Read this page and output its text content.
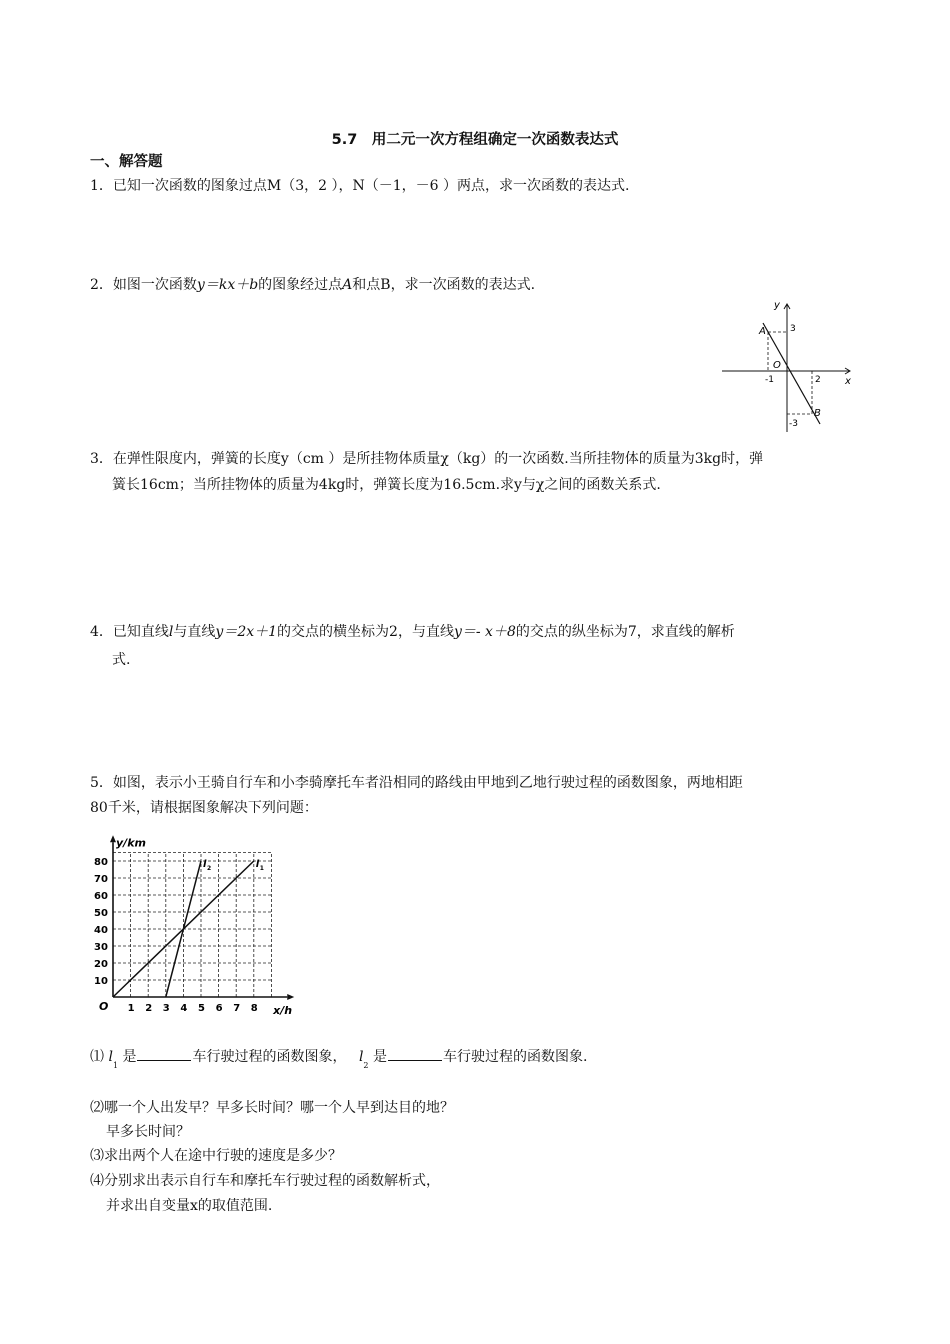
5.7　用二元一次方程组确定一次函数表达式
一、解答题
1．已知一次函数的图象过点M（3，2 ），N（－1，－6 ）两点，求一次函数的表达式.
2．如图一次函数y＝kx＋b的图象经过点A和点B，求一次函数的表达式.
y
x
O
A
B
3
-1	2
-3
3．在弹性限度内，弹簧的长度y（cm ）是所挂物体质量χ（kg）的一次函数.当所挂物体的质量为3kg时，弹
簧长16cm；当所挂物体的质量为4kg时，弹簧长度为16.5cm.求y与χ之间的函数关系式.
4．已知直线l与直线y＝2x＋1的交点的横坐标为2，与直线y＝- x＋8的交点的纵坐标为7，求直线的解析
式.
5．如图，表示小王骑自行车和小李骑摩托车者沿相同的路线由甲地到乙地行驶过程的函数图象，两地相距
80千米，请根据图象解决下列问题：
1 2 3 4 5 6 7 8
10
20
30
40
50
60
70
80	l 1
l 2
x/h
y/km
O
⑴ $l_1$ 是	车行驶过程的函数图象， $l_2$ 是	车行驶过程的函数图象.
⑵哪一个人出发早？早多长时间？哪一个人早到达目的地？
早多长时间？
⑶求出两个人在途中行驶的速度是多少？
⑷分别求出表示自行车和摩托车行驶过程的函数解析式，
并求出自变量x的取值范围.
